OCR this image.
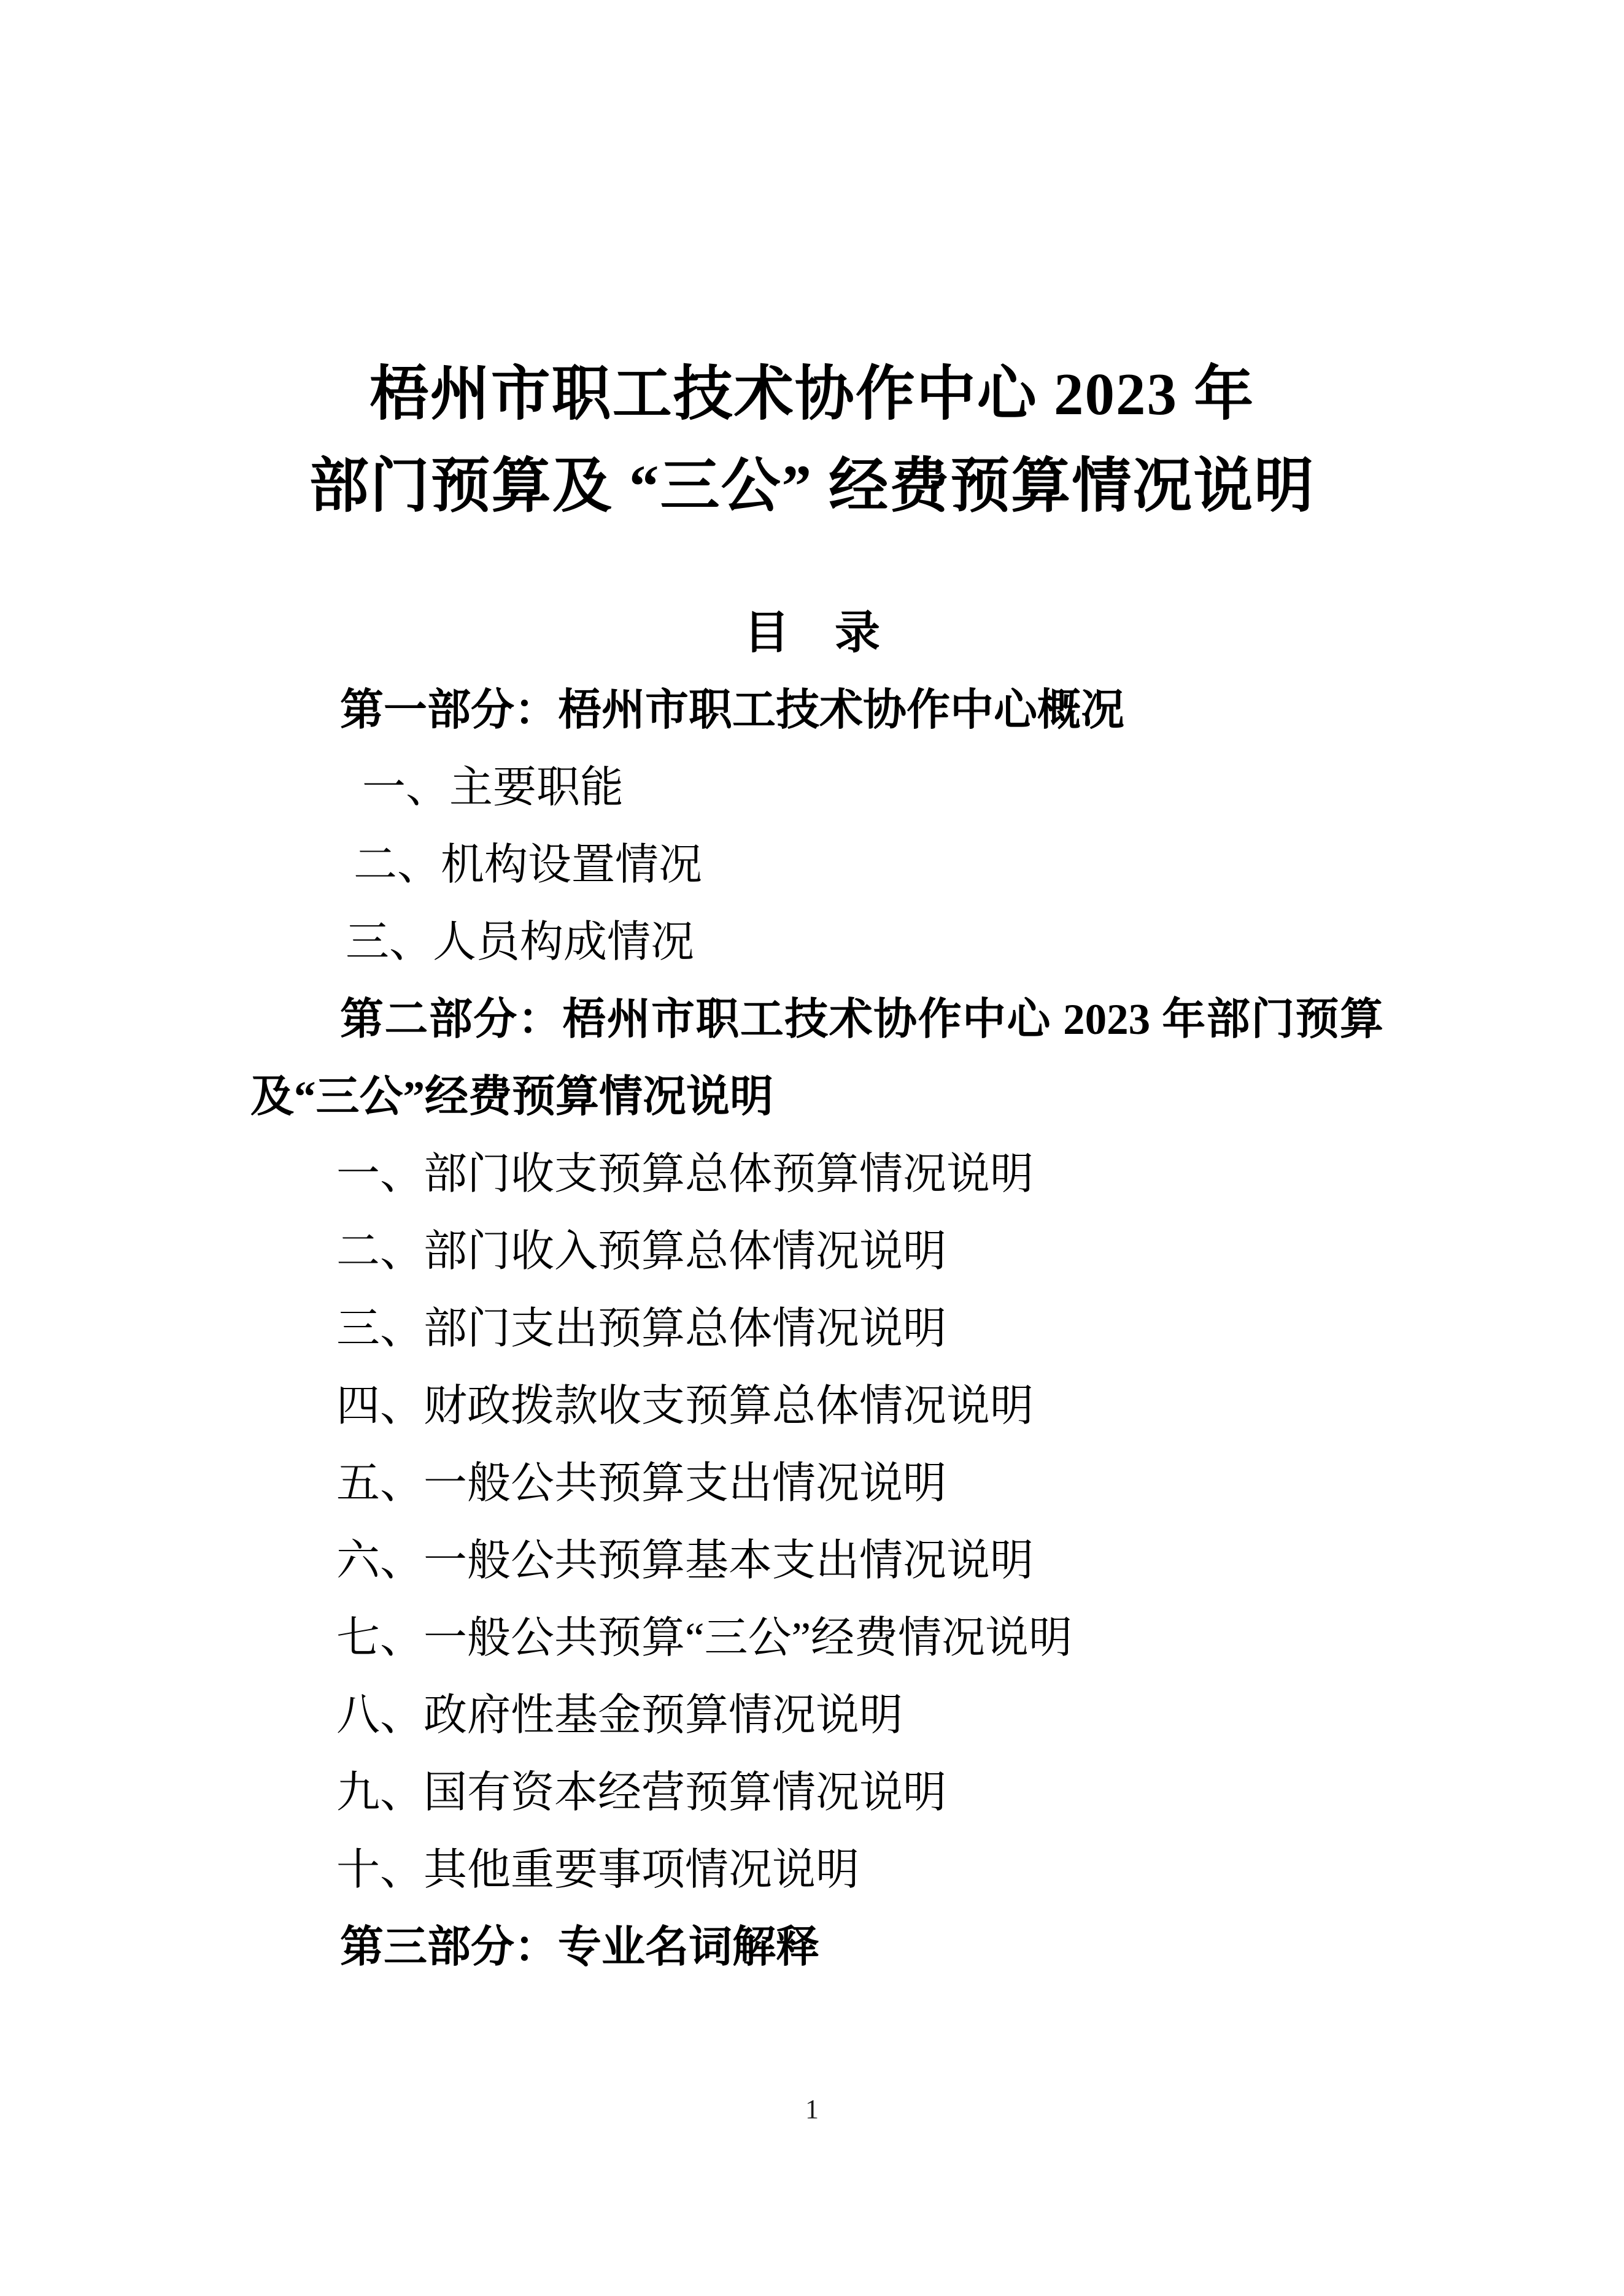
梧州市职工技术协作中心 2023 年
部门预算及 “三公” 经费预算情况说明
目　录

第一部分：梧州市职工技术协作中心概况

一、主要职能

二、机构设置情况

三、人员构成情况

第二部分：梧州市职工技术协作中心 2023 年部门预算

及“三公”经费预算情况说明

一、部门收支预算总体预算情况说明

二、部门收入预算总体情况说明

三、部门支出预算总体情况说明

四、财政拨款收支预算总体情况说明

五、一般公共预算支出情况说明

六、一般公共预算基本支出情况说明

七、一般公共预算“三公”经费情况说明

八、政府性基金预算情况说明

九、国有资本经营预算情况说明

十、其他重要事项情况说明

第三部分：专业名词解释

1
